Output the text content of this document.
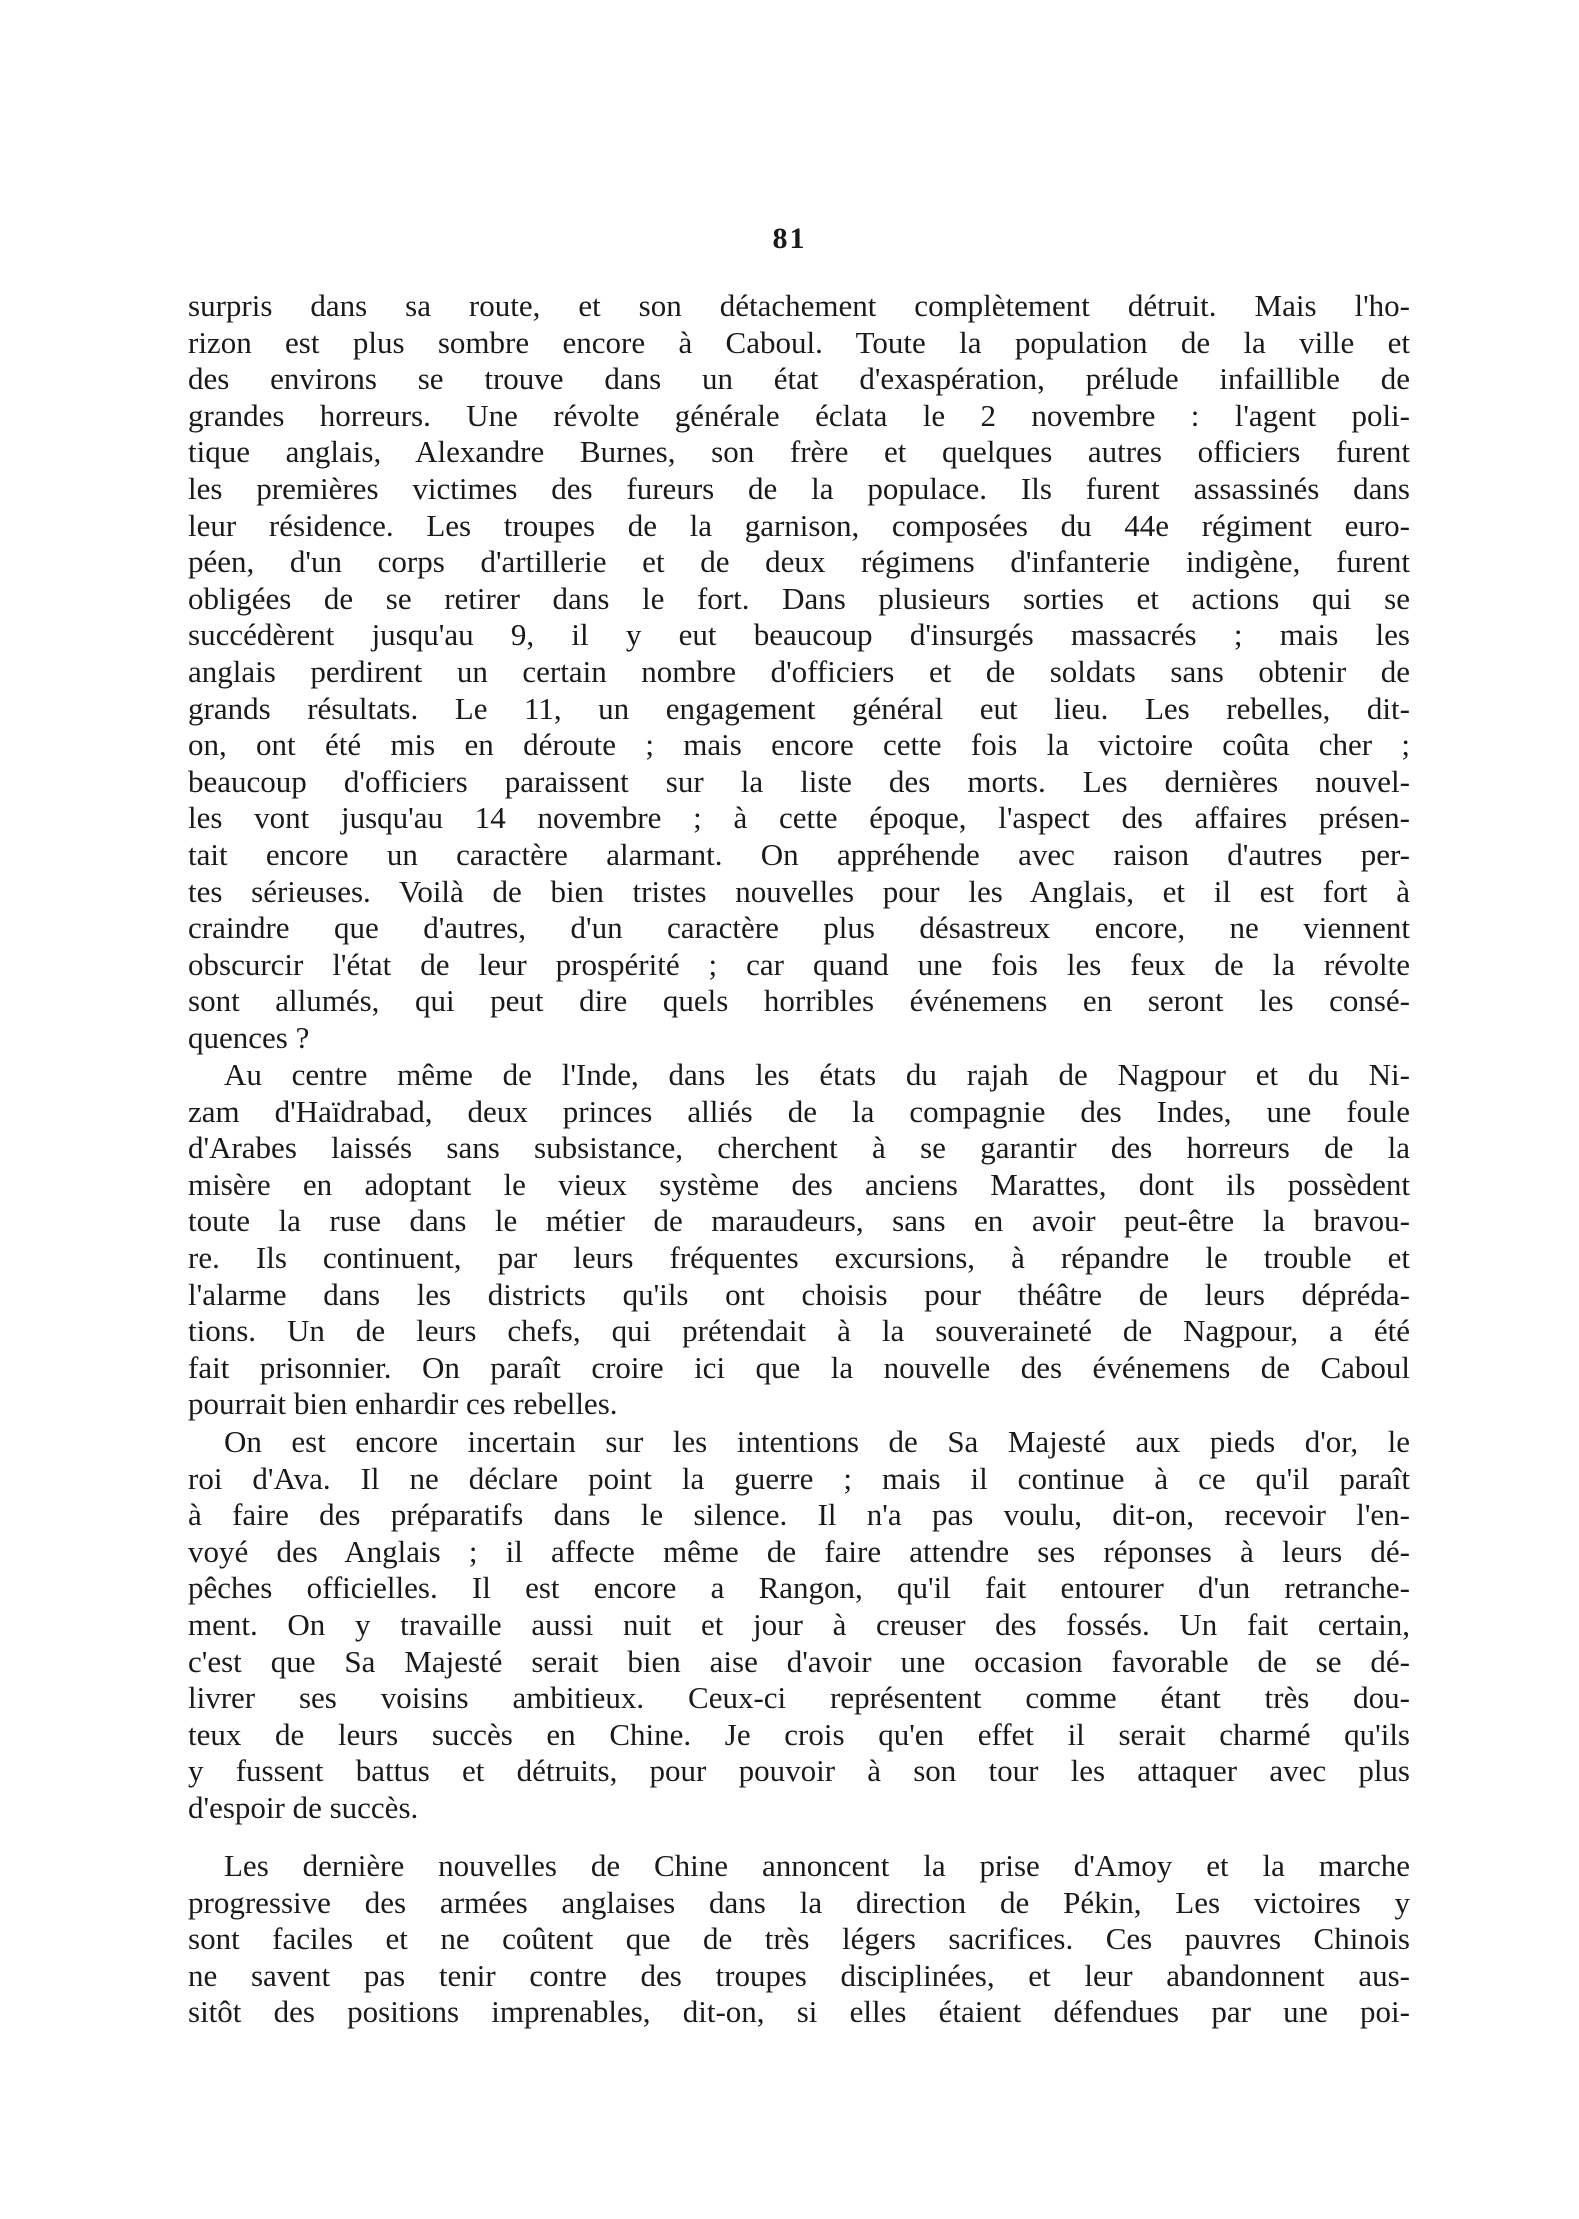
81
surpris dans sa route, et son détachement complètement détruit. Mais l'ho-
rizon est plus sombre encore à Caboul. Toute la population de la ville et
des environs se trouve dans un état d'exaspération, prélude infaillible de
grandes horreurs. Une révolte générale éclata le 2 novembre : l'agent poli-
tique anglais, Alexandre Burnes, son frère et quelques autres officiers furent
les premières victimes des fureurs de la populace. Ils furent assassinés dans
leur résidence. Les troupes de la garnison, composées du 44e régiment euro-
péen, d'un corps d'artillerie et de deux régimens d'infanterie indigène, furent
obligées de se retirer dans le fort. Dans plusieurs sorties et actions qui se
succédèrent jusqu'au 9, il y eut beaucoup d'insurgés massacrés ; mais les
anglais perdirent un certain nombre d'officiers et de soldats sans obtenir de
grands résultats. Le 11, un engagement général eut lieu. Les rebelles, dit-
on, ont été mis en déroute ; mais encore cette fois la victoire coûta cher ;
beaucoup d'officiers paraissent sur la liste des morts. Les dernières nouvel-
les vont jusqu'au 14 novembre ; à cette époque, l'aspect des affaires présen-
tait encore un caractère alarmant. On appréhende avec raison d'autres per-
tes sérieuses. Voilà de bien tristes nouvelles pour les Anglais, et il est fort à
craindre que d'autres, d'un caractère plus désastreux encore, ne viennent
obscurcir l'état de leur prospérité ; car quand une fois les feux de la révolte
sont allumés, qui peut dire quels horribles événemens en seront les consé-
quences ?
Au centre même de l'Inde, dans les états du rajah de Nagpour et du Ni-
zam d'Haïdrabad, deux princes alliés de la compagnie des Indes, une foule
d'Arabes laissés sans subsistance, cherchent à se garantir des horreurs de la
misère en adoptant le vieux système des anciens Marattes, dont ils possèdent
toute la ruse dans le métier de maraudeurs, sans en avoir peut-être la bravou-
re. Ils continuent, par leurs fréquentes excursions, à répandre le trouble et
l'alarme dans les districts qu'ils ont choisis pour théâtre de leurs déprédа-
tions. Un de leurs chefs, qui prétendait à la souveraineté de Nagpour, a été
fait prisonnier. On paraît croire ici que la nouvelle des événemens de Caboul
pourrait bien enhardir ces rebelles.
On est encore incertain sur les intentions de Sa Majesté aux pieds d'or, le
roi d'Ava. Il ne déclare point la guerre ; mais il continue à ce qu'il paraît
à faire des préparatifs dans le silence. Il n'a pas voulu, dit-on, recevoir l'en-
voyé des Anglais ; il affecte même de faire attendre ses réponses à leurs dé-
pêches officielles. Il est encore a Rangon, qu'il fait entourer d'un retranche-
ment. On y travaille aussi nuit et jour à creuser des fossés. Un fait certain,
c'est que Sa Majesté serait bien aise d'avoir une occasion favorable de se dé-
livrer ses voisins ambitieux. Ceux-ci représentent comme étant très dou-
teux de leurs succès en Chine. Je crois qu'en effet il serait charmé qu'ils
y fussent battus et détruits, pour pouvoir à son tour les attaquer avec plus
d'espoir de succès.
Les dernière nouvelles de Chine annoncent la prise d'Amoy et la marche
progressive des armées anglaises dans la direction de Pékin, Les victoires y
sont faciles et ne coûtent que de très légers sacrifices. Ces pauvres Chinois
ne savent pas tenir contre des troupes disciplinées, et leur abandonnent aus-
sitôt des positions imprenables, dit-on, si elles étaient défendues par une poi-
